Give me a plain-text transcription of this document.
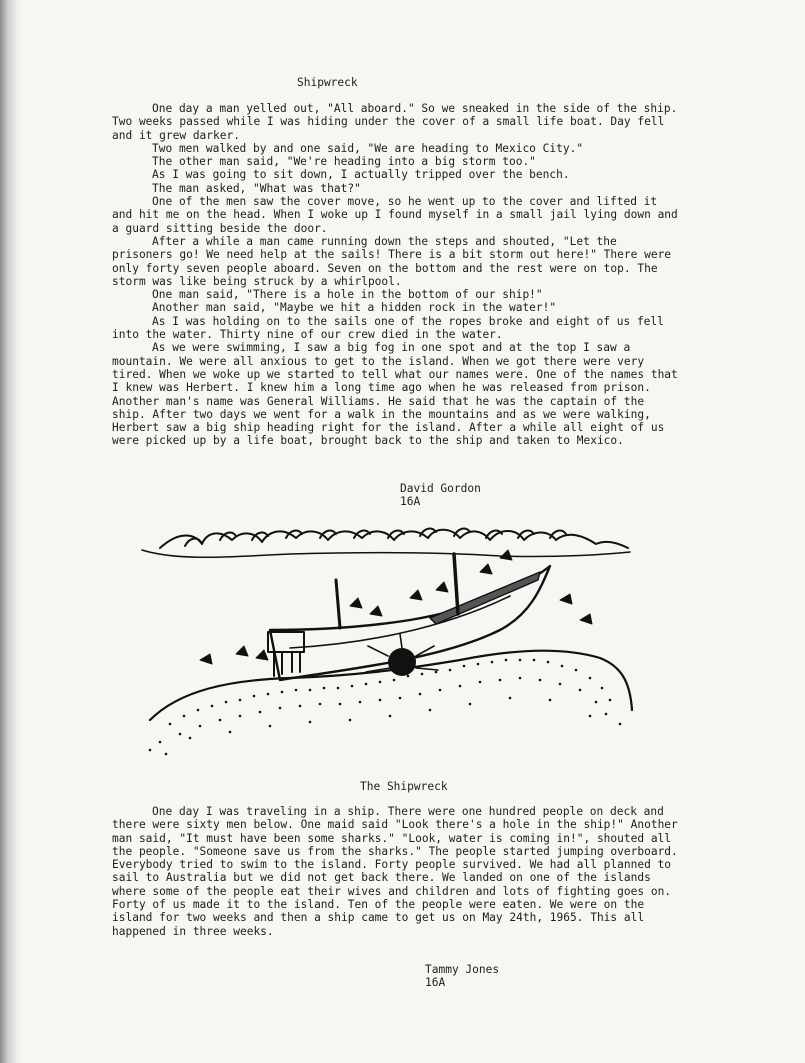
Shipwreck

One day a man yelled out, "All aboard." So we sneaked in the side of the ship. Two weeks passed while I was hiding under the cover of a small life boat. Day fell and it grew darker.

Two men walked by and one said, "We are heading to Mexico City."

The other man said, "We're heading into a big storm too."

As I was going to sit down, I actually tripped over the bench.

The man asked, "What was that?"

One of the men saw the cover move, so he went up to the cover and lifted it and hit me on the head. When I woke up I found myself in a small jail lying down and a guard sitting beside the door.

After a while a man came running down the steps and shouted, "Let the prisoners go! We need help at the sails! There is a bit storm out here!" There were only forty seven people aboard. Seven on the bottom and the rest were on top. The storm was like being struck by a whirlpool.

One man said, "There is a hole in the bottom of our ship!"

Another man said, "Maybe we hit a hidden rock in the water!"

As I was holding on to the sails one of the ropes broke and eight of us fell into the water. Thirty nine of our crew died in the water.

As we were swimming, I saw a big fog in one spot and at the top I saw a mountain. We were all anxious to get to the island. When we got there were very tired. When we woke up we started to tell what our names were. One of the names that I knew was Herbert. I knew him a long time ago when he was released from prison. Another man's name was General Williams. He said that he was the captain of the ship. After two days we went for a walk in the mountains and as we were walking, Herbert saw a big ship heading right for the island. After a while all eight of us were picked up by a life boat, brought back to the ship and taken to Mexico.

David Gordon
16A
The Shipwreck

One day I was traveling in a ship. There were one hundred people on deck and there were sixty men below. One maid said "Look there's a hole in the ship!" Another man said, "It must have been some sharks." "Look, water is coming in!", shouted all the people. "Someone save us from the sharks." The people started jumping overboard. Everybody tried to swim to the island. Forty people survived. We had all planned to sail to Australia but we did not get back there. We landed on one of the islands where some of the people eat their wives and children and lots of fighting goes on. Forty of us made it to the island. Ten of the people were eaten. We were on the island for two weeks and then a ship came to get us on May 24th, 1965. This all happened in three weeks.

Tammy Jones
16A
